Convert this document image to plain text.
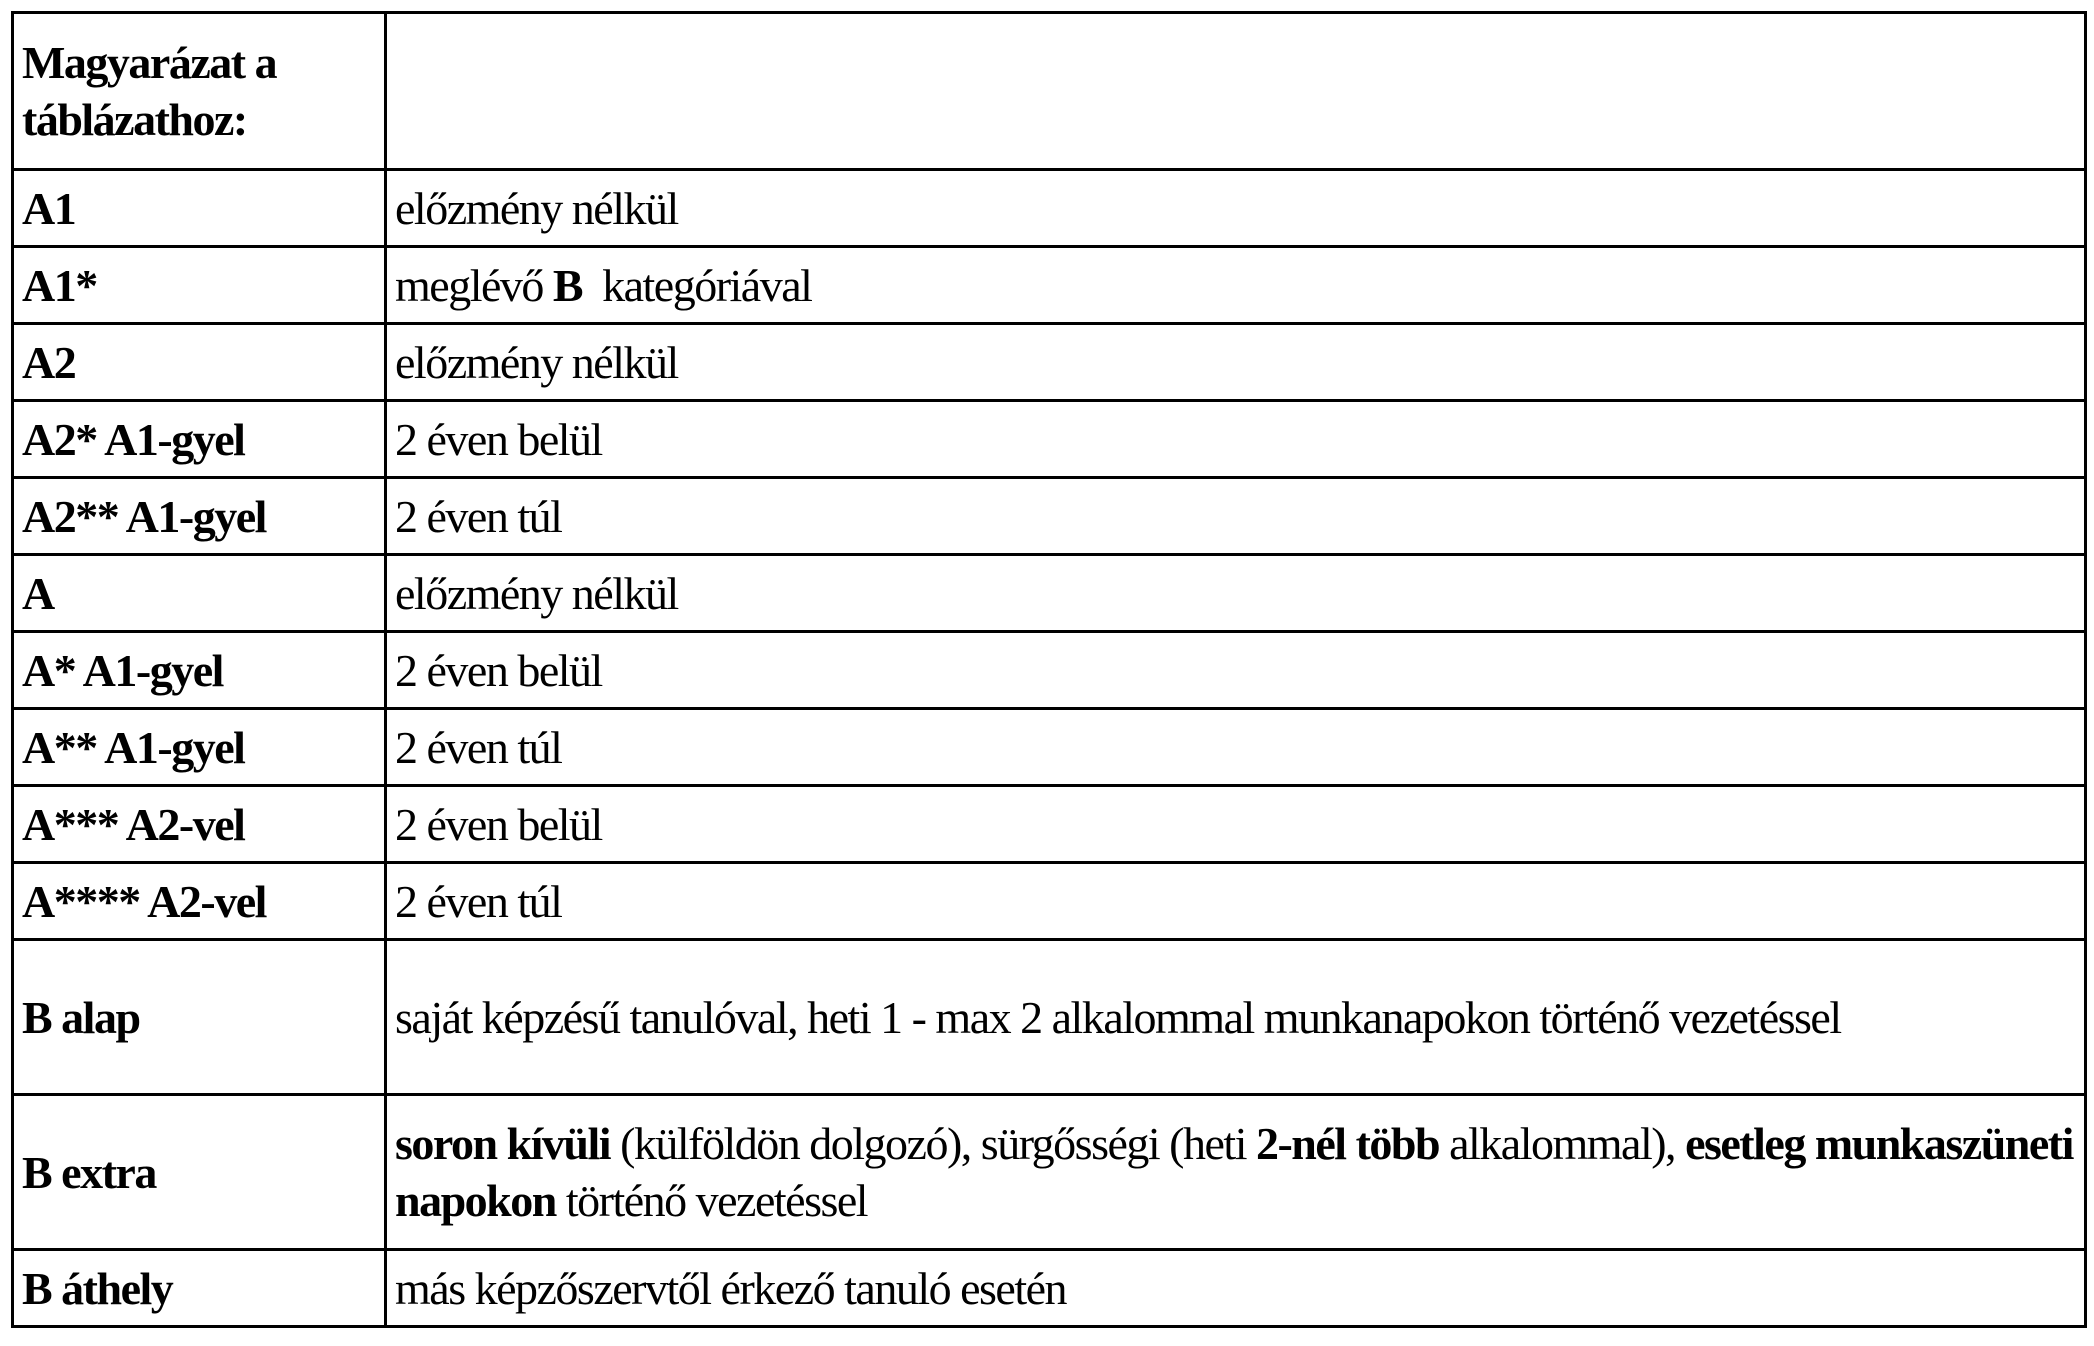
Magyarázat a táblázathoz:	
A1	előzmény nélkül
A1*	meglévő B  kategóriával
A2	előzmény nélkül
A2* A1-gyel	2 éven belül
A2** A1-gyel	2 éven túl
A	előzmény nélkül
A* A1-gyel	2 éven belül
A** A1-gyel	2 éven túl
A*** A2-vel	2 éven belül
A**** A2-vel	2 éven túl
B alap	saját képzésű tanulóval, heti 1 - max 2 alkalommal munkanapokon történő vezetéssel
B extra	soron kívüli (külföldön dolgozó), sürgősségi (heti 2-nél több alkalommal), esetleg munkaszüneti napokon történő vezetéssel
B áthely	más képzőszervtől érkező tanuló esetén
